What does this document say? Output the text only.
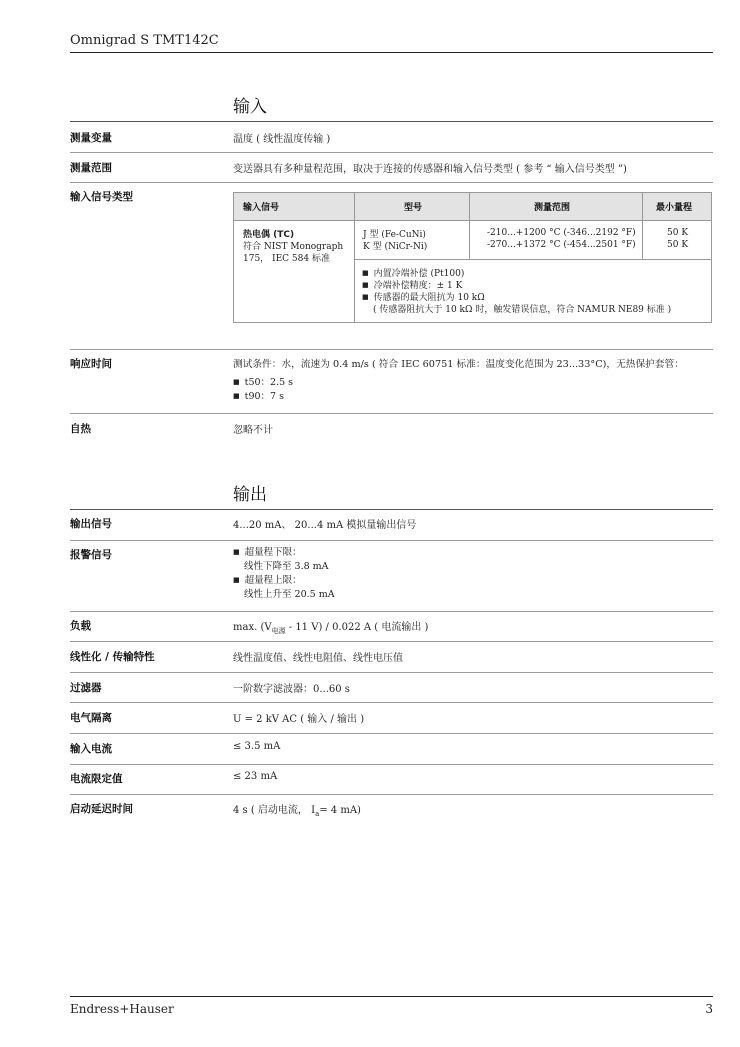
Omnigrad S TMT142C
输入
测量变量	温度 ( 线性温度传输 )
测量范围	变送器具有多种量程范围，取决于连接的传感器和输入信号类型 ( 参考 “ 输入信号类型 ”)
输入信号类型
输入信号	型号	测量范围	最小量程
热电偶 (TC)
符合 NIST Monograph
175， IEC 584 标准
J 型 (Fe-CuNi)
K 型 (NiCr-Ni)
-210...+1200 °C (-346...2192 °F)
-270...+1372 °C (-454...2501 °F)
50 K
50 K
■ 内置冷端补偿 (Pt100)
■ 冷端补偿精度：± 1 K
■ 传感器的最大阻抗为 10 kΩ
( 传感器阻抗大于 10 kΩ 时，触发错误信息，符合 NAMUR NE89 标准 )
响应时间	测试条件：水，流速为 0.4 m/s ( 符合 IEC 60751 标准：温度变化范围为 23...33°C)，无热保护套管：
■ t50：2.5 s
■ t90：7 s
自热	忽略不计
输出
输出信号	4...20 mA、 20...4 mA 模拟量输出信号
报警信号
■	超量程下限：
线性下降至 3.8 mA
■ 超量程上限：
线性上升至 20.5 mA
负载	max. ($V_{电源} - 11$ V) / 0.022 A ( 电流输出 )
线性化 / 传输特性	线性温度值、线性电阻值、线性电压值
过滤器	一阶数字滤波器：0...60 s
电气隔离	U = 2 kV AC ( 输入 / 输出 )
输入电流	≤ 3.5 mA
电流限定值	≤ 23 mA
启动延迟时间	4 s ( 启动电流， $I_a= 4$ mA)
Endress+Hauser	3
